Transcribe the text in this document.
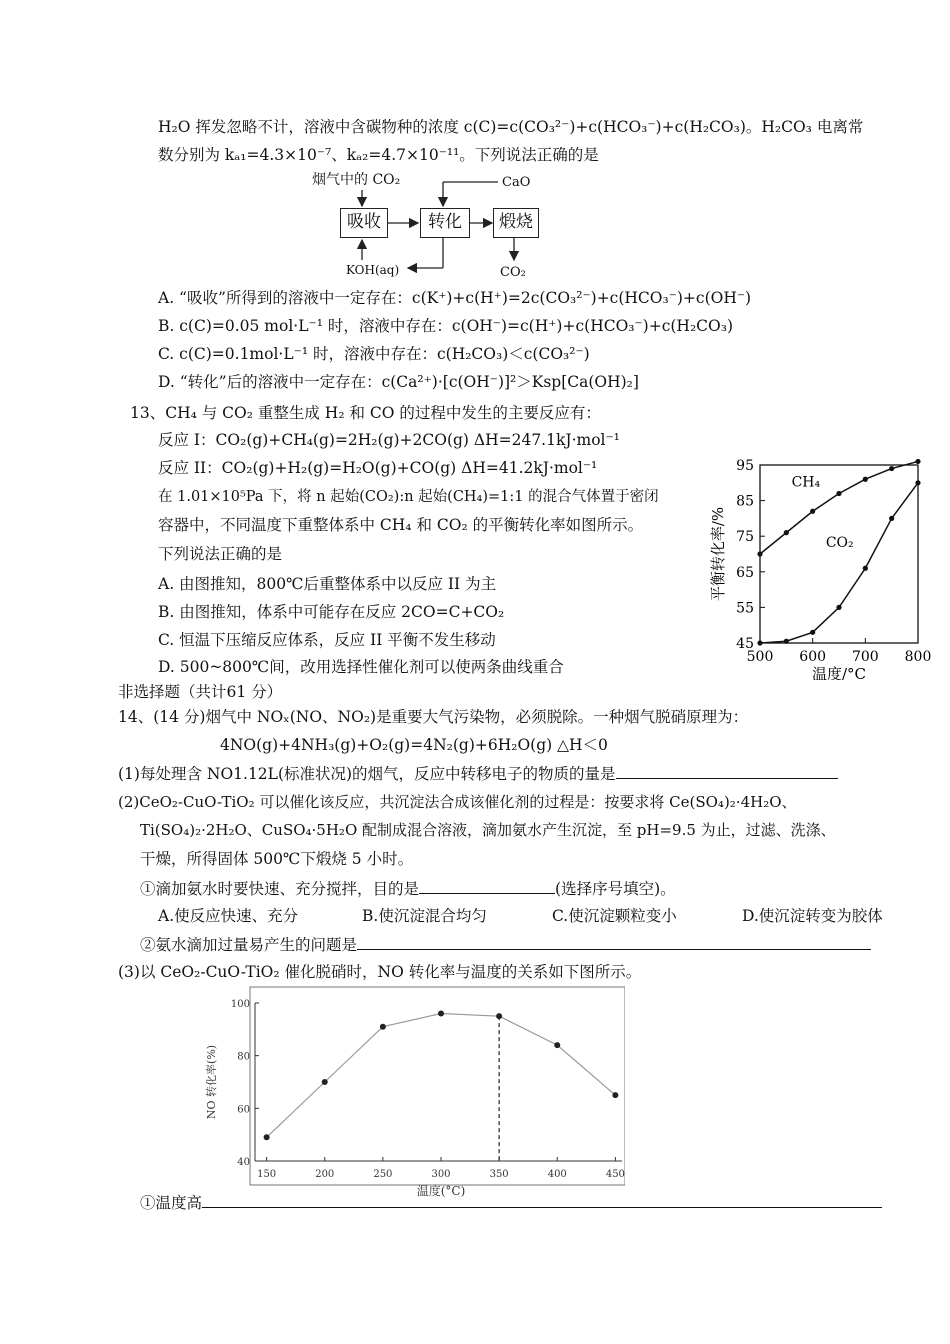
H₂O 挥发忽略不计，溶液中含碳物种的浓度 c(C)=c(CO₃²⁻)+c(HCO₃⁻)+c(H₂CO₃)。H₂CO₃ 电离常
数分别为 kₐ₁=4.3×10⁻⁷、kₐ₂=4.7×10⁻¹¹。下列说法正确的是
烟气中的 CO₂
吸收	转化	煅烧
CaO
KOH(aq)	CO₂
A. “吸收”所得到的溶液中一定存在：c(K⁺)+c(H⁺)=2c(CO₃²⁻)+c(HCO₃⁻)+c(OH⁻)
B. c(C)=0.05 mol·L⁻¹ 时，溶液中存在：c(OH⁻)=c(H⁺)+c(HCO₃⁻)+c(H₂CO₃)
C. c(C)=0.1mol·L⁻¹ 时，溶液中存在：c(H₂CO₃)＜c(CO₃²⁻)
D. “转化”后的溶液中一定存在：c(Ca²⁺)·[c(OH⁻)]²＞Ksp[Ca(OH)₂]
13、CH₄ 与 CO₂ 重整生成 H₂ 和 CO 的过程中发生的主要反应有：
反应 I：CO₂(g)+CH₄(g)=2H₂(g)+2CO(g) ΔH=247.1kJ·mol⁻¹
反应 II：CO₂(g)+H₂(g)=H₂O(g)+CO(g) ΔH=41.2kJ·mol⁻¹
在 1.01×10⁵Pa 下，将 n 起始(CO₂):n 起始(CH₄)=1:1 的混合气体置于密闭
容器中，不同温度下重整体系中 CH₄ 和 CO₂ 的平衡转化率如图所示。
下列说法正确的是
A. 由图推知，800℃后重整体系中以反应 II 为主
B. 由图推知，体系中可能存在反应 2CO=C+CO₂
C. 恒温下压缩反应体系，反应 II 平衡不发生移动
D. 500~800℃间，改用选择性催化剂可以使两条曲线重合
45
55
65
75
85
95
500 600 700 800
温度/°C
平衡转化率/%
CH₄
CO₂
非选择题（共计61 分）
14、(14 分)烟气中 NOₓ(NO、NO₂)是重要大气污染物，必须脱除。一种烟气脱硝原理为：
4NO(g)+4NH₃(g)+O₂(g)=4N₂(g)+6H₂O(g) △H＜0
(1)每处理含 NO1.12L(标准状况)的烟气，反应中转移电子的物质的量是
(2)CeO₂-CuO-TiO₂ 可以催化该反应，共沉淀法合成该催化剂的过程是：按要求将 Ce(SO₄)₂·4H₂O、
Ti(SO₄)₂·2H₂O、CuSO₄·5H₂O 配制成混合溶液，滴加氨水产生沉淀，至 pH=9.5 为止，过滤、洗涤、
干燥，所得固体 500℃下煅烧 5 小时。
①滴加氨水时要快速、充分搅拌，目的是	(选择序号填空)。
A.使反应快速、充分	B.使沉淀混合均匀	C.使沉淀颗粒变小	D.使沉淀转变为胶体
②氨水滴加过量易产生的问题是
(3)以 CeO₂-CuO-TiO₂ 催化脱硝时，NO 转化率与温度的关系如下图所示。
40
60
80
100
150	200	250	300	350	400	450
温度(°C)
NO 转化率(%)
①温度高
